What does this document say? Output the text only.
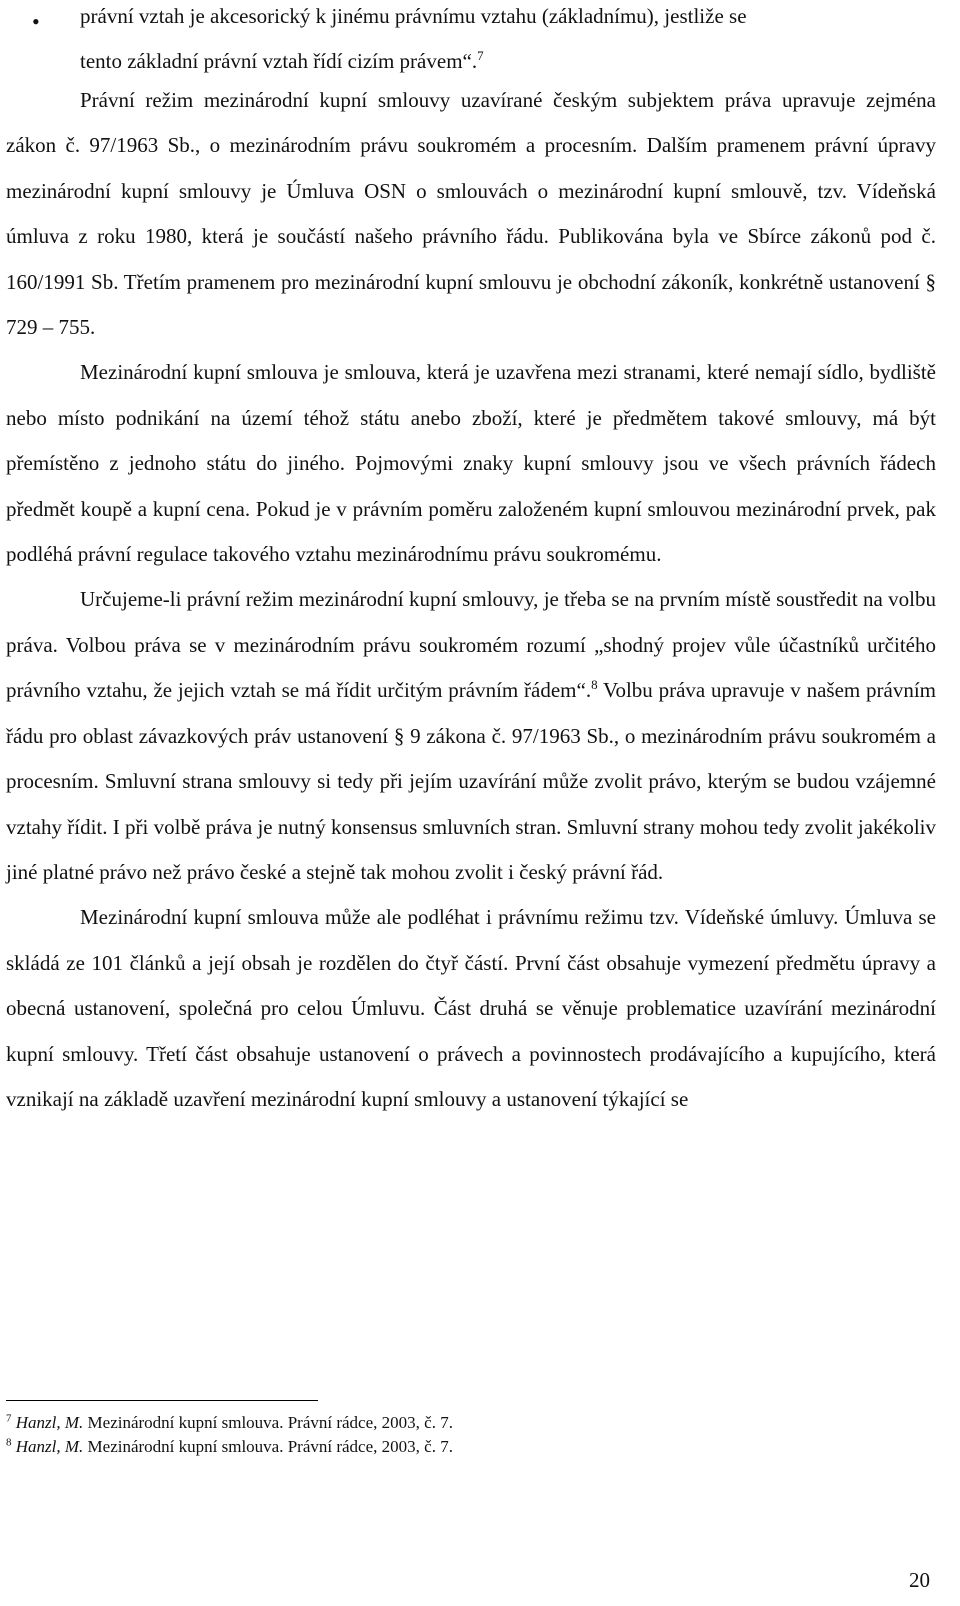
•	právní vztah je akcesorický k jinému právnímu vztahu (základnímu), jestliže se

tento základní právní vztah řídí cizím právem“.$^7$

Právní režim mezinárodní kupní smlouvy uzavírané českým subjektem práva upravuje zejména zákon č. 97/1963 Sb., o mezinárodním právu soukromém a procesním. Dalším pramenem právní úpravy mezinárodní kupní smlouvy je Úmluva OSN o smlouvách o mezinárodní kupní smlouvě, tzv. Vídeňská úmluva z roku 1980, která je součástí našeho právního řádu. Publikována byla ve Sbírce zákonů pod č. 160/1991 Sb. Třetím pramenem pro mezinárodní kupní smlouvu je obchodní zákoník, konkrétně ustanovení § 729 – 755.

Mezinárodní kupní smlouva je smlouva, která je uzavřena mezi stranami, které nemají sídlo, bydliště nebo místo podnikání na území téhož státu anebo zboží, které je předmětem takové smlouvy, má být přemístěno z jednoho státu do jiného. Pojmovými znaky kupní smlouvy jsou ve všech právních řádech předmět koupě a kupní cena. Pokud je v právním poměru založeném kupní smlouvou mezinárodní prvek, pak podléhá právní regulace takového vztahu mezinárodnímu právu soukromému.

Určujeme-li právní režim mezinárodní kupní smlouvy, je třeba se na prvním místě soustředit na volbu práva. Volbou práva se v mezinárodním právu soukromém rozumí „shodný projev vůle účastníků určitého právního vztahu, že jejich vztah se má řídit určitým právním řádem“.$^8$ Volbu práva upravuje v našem právním řádu pro oblast závazkových práv ustanovení § 9 zákona č. 97/1963 Sb., o mezinárodním právu soukromém a procesním. Smluvní strana smlouvy si tedy při jejím uzavírání může zvolit právo, kterým se budou vzájemné vztahy řídit. I při volbě práva je nutný konsensus smluvních stran. Smluvní strany mohou tedy zvolit jakékoliv jiné platné právo než právo české a stejně tak mohou zvolit i český právní řád.

Mezinárodní kupní smlouva může ale podléhat i právnímu režimu tzv. Vídeňské úmluvy. Úmluva se skládá ze 101 článků a její obsah je rozdělen do čtyř částí. První část obsahuje vymezení předmětu úpravy a obecná ustanovení, společná pro celou Úmluvu. Část druhá se věnuje problematice uzavírání mezinárodní kupní smlouvy. Třetí část obsahuje ustanovení o právech a povinnostech prodávajícího a kupujícího, která vznikají na základě uzavření mezinárodní kupní smlouvy a ustanovení týkající se

$^7$ Hanzl, M. Mezinárodní kupní smlouva. Právní rádce, 2003, č. 7.
$^8$ Hanzl, M. Mezinárodní kupní smlouva. Právní rádce, 2003, č. 7.
20
